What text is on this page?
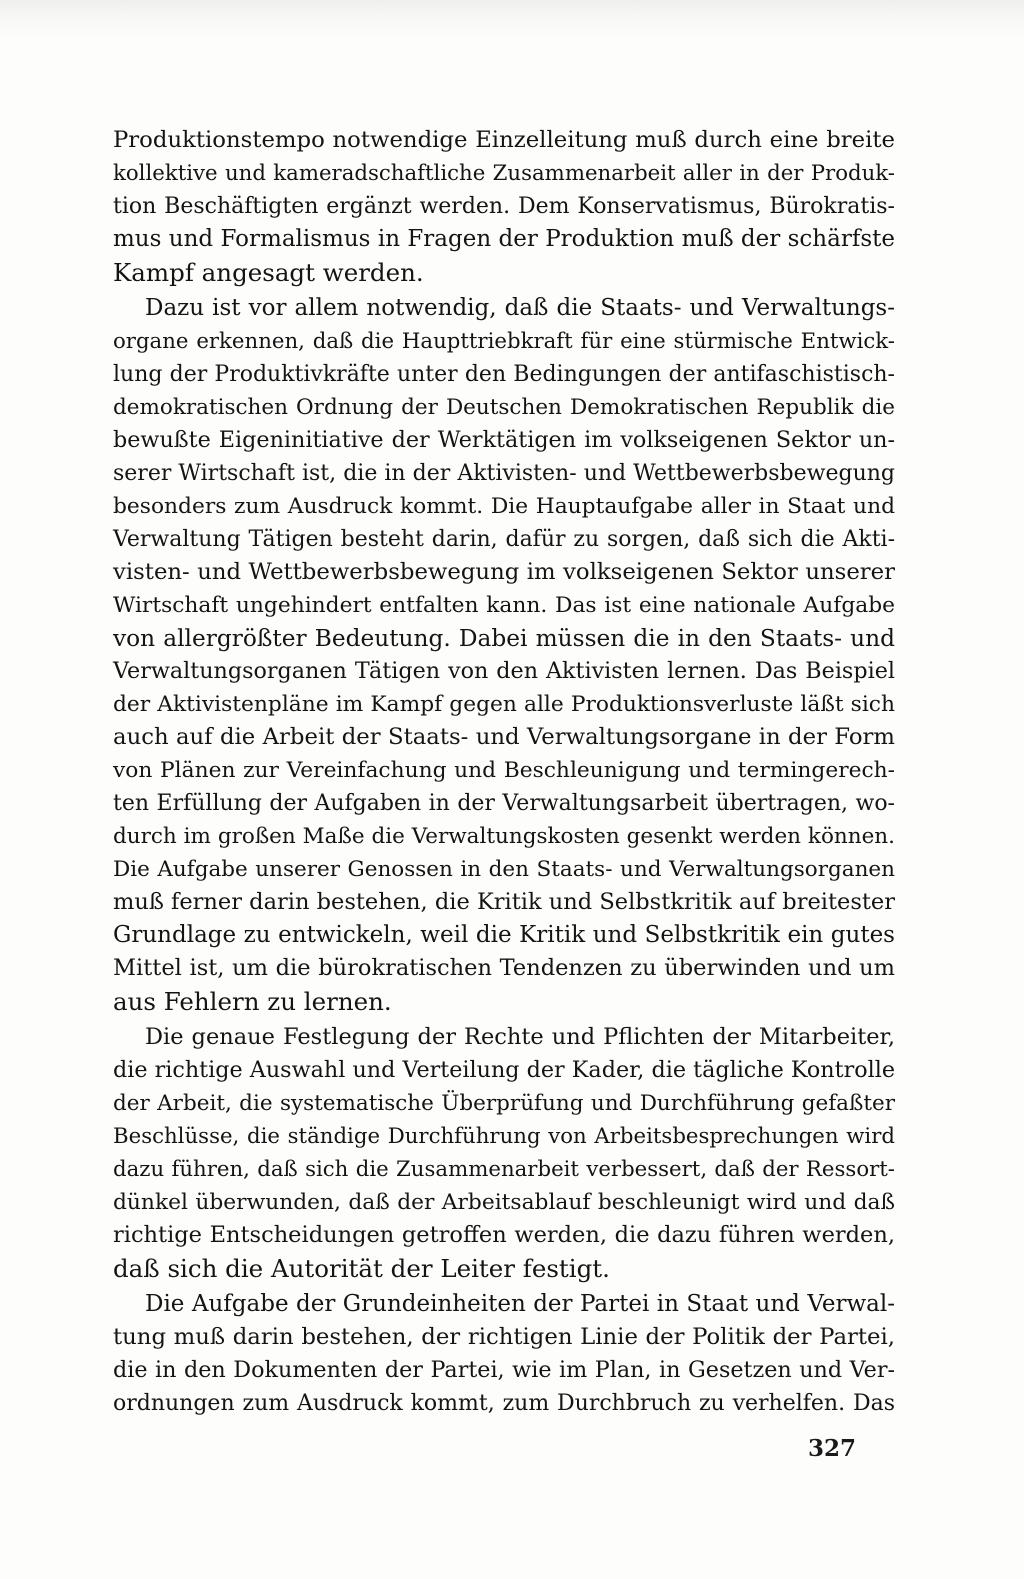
Produktionstempo notwendige Einzelleitung muß durch eine breite
kollektive und kameradschaftliche Zusammenarbeit aller in der Produk-
tion Beschäftigten ergänzt werden. Dem Konservatismus, Bürokratis-
mus und Formalismus in Fragen der Produktion muß der schärfste
Kampf angesagt werden.
Dazu ist vor allem notwendig, daß die Staats- und Verwaltungs-
organe erkennen, daß die Haupttriebkraft für eine stürmische Entwick-
lung der Produktivkräfte unter den Bedingungen der antifaschistisch-
demokratischen Ordnung der Deutschen Demokratischen Republik die
bewußte Eigeninitiative der Werktätigen im volkseigenen Sektor un-
serer Wirtschaft ist, die in der Aktivisten- und Wettbewerbsbewegung
besonders zum Ausdruck kommt. Die Hauptaufgabe aller in Staat und
Verwaltung Tätigen besteht darin, dafür zu sorgen, daß sich die Akti-
visten- und Wettbewerbsbewegung im volkseigenen Sektor unserer
Wirtschaft ungehindert entfalten kann. Das ist eine nationale Aufgabe
von allergrößter Bedeutung. Dabei müssen die in den Staats- und
Verwaltungsorganen Tätigen von den Aktivisten lernen. Das Beispiel
der Aktivistenpläne im Kampf gegen alle Produktionsverluste läßt sich
auch auf die Arbeit der Staats- und Verwaltungsorgane in der Form
von Plänen zur Vereinfachung und Beschleunigung und termingerech-
ten Erfüllung der Aufgaben in der Verwaltungsarbeit übertragen, wo-
durch im großen Maße die Verwaltungskosten gesenkt werden können.
Die Aufgabe unserer Genossen in den Staats- und Verwaltungsorganen
muß ferner darin bestehen, die Kritik und Selbstkritik auf breitester
Grundlage zu entwickeln, weil die Kritik und Selbstkritik ein gutes
Mittel ist, um die bürokratischen Tendenzen zu überwinden und um
aus Fehlern zu lernen.
Die genaue Festlegung der Rechte und Pflichten der Mitarbeiter,
die richtige Auswahl und Verteilung der Kader, die tägliche Kontrolle
der Arbeit, die systematische Überprüfung und Durchführung gefaßter
Beschlüsse, die ständige Durchführung von Arbeitsbesprechungen wird
dazu führen, daß sich die Zusammenarbeit verbessert, daß der Ressort-
dünkel überwunden, daß der Arbeitsablauf beschleunigt wird und daß
richtige Entscheidungen getroffen werden, die dazu führen werden,
daß sich die Autorität der Leiter festigt.
Die Aufgabe der Grundeinheiten der Partei in Staat und Verwal-
tung muß darin bestehen, der richtigen Linie der Politik der Partei,
die in den Dokumenten der Partei, wie im Plan, in Gesetzen und Ver-
ordnungen zum Ausdruck kommt, zum Durchbruch zu verhelfen. Das
327
